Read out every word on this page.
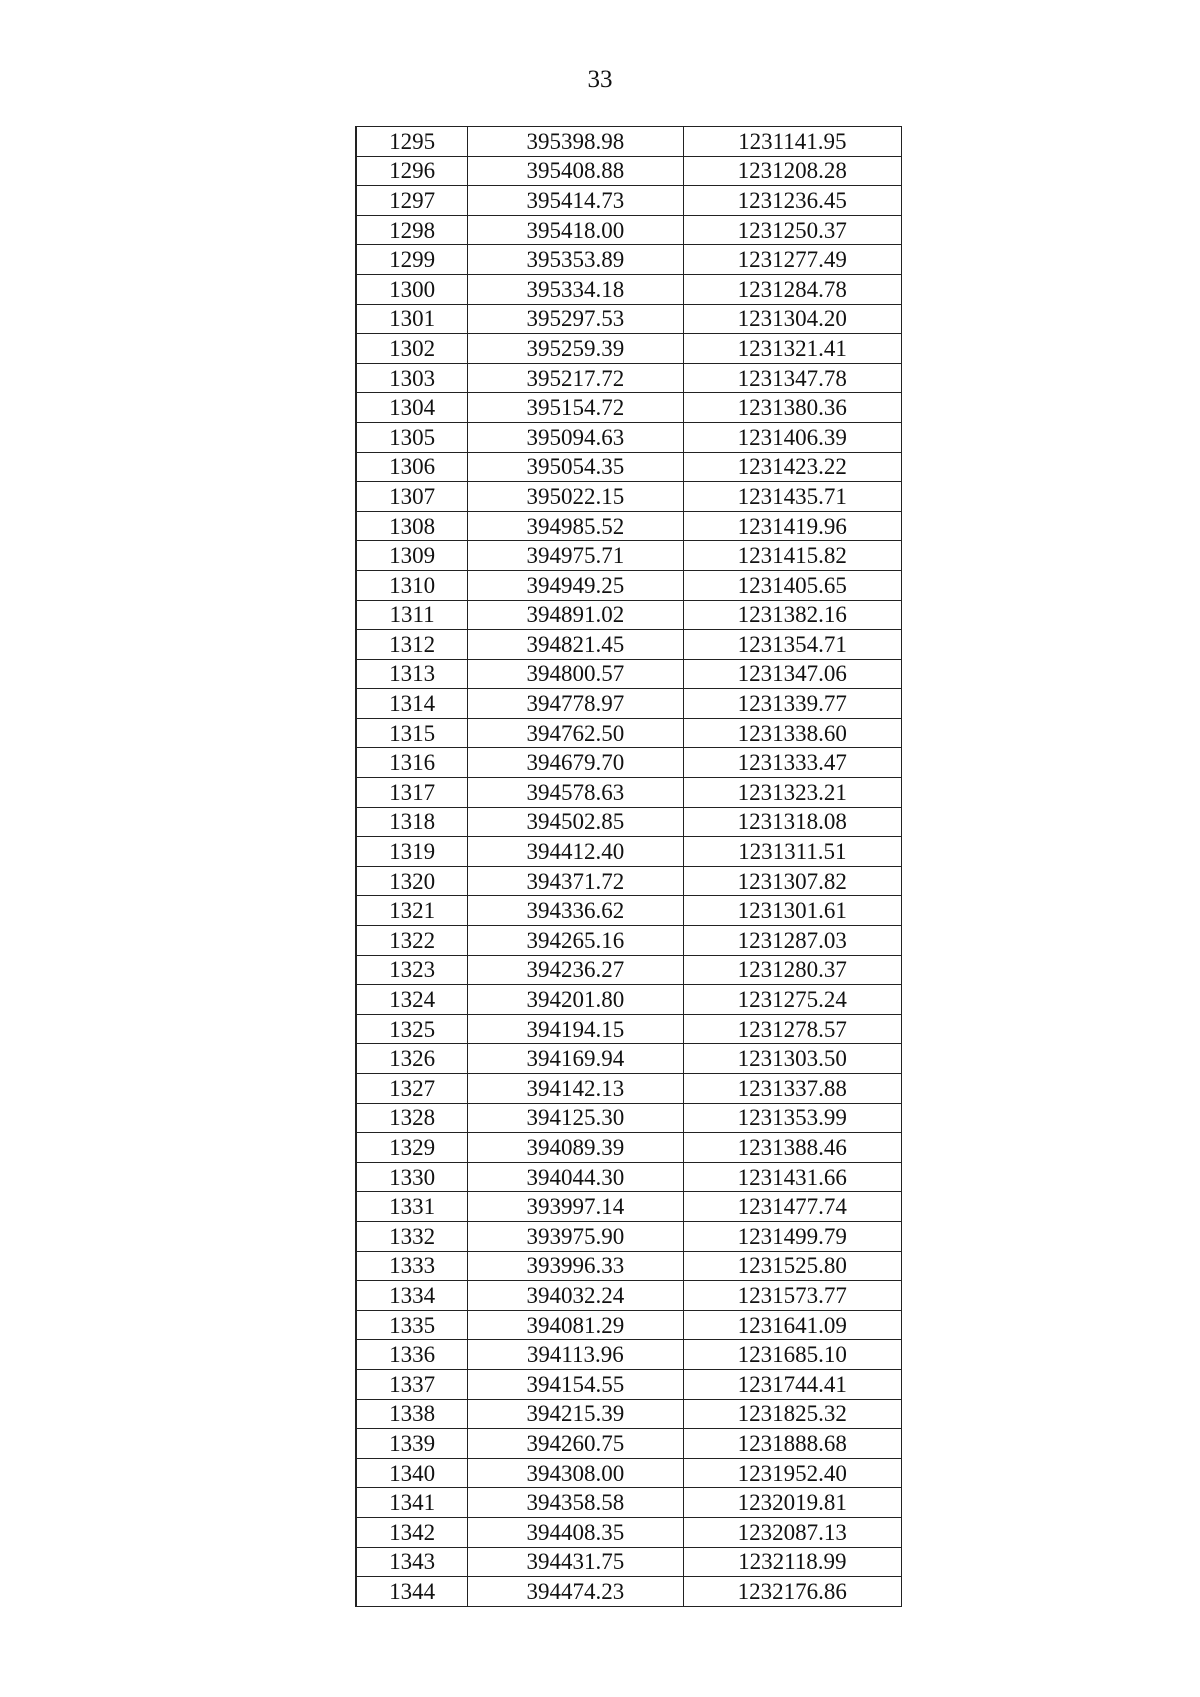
33
1295	395398.98	1231141.95
1296	395408.88	1231208.28
1297	395414.73	1231236.45
1298	395418.00	1231250.37
1299	395353.89	1231277.49
1300	395334.18	1231284.78
1301	395297.53	1231304.20
1302	395259.39	1231321.41
1303	395217.72	1231347.78
1304	395154.72	1231380.36
1305	395094.63	1231406.39
1306	395054.35	1231423.22
1307	395022.15	1231435.71
1308	394985.52	1231419.96
1309	394975.71	1231415.82
1310	394949.25	1231405.65
1311	394891.02	1231382.16
1312	394821.45	1231354.71
1313	394800.57	1231347.06
1314	394778.97	1231339.77
1315	394762.50	1231338.60
1316	394679.70	1231333.47
1317	394578.63	1231323.21
1318	394502.85	1231318.08
1319	394412.40	1231311.51
1320	394371.72	1231307.82
1321	394336.62	1231301.61
1322	394265.16	1231287.03
1323	394236.27	1231280.37
1324	394201.80	1231275.24
1325	394194.15	1231278.57
1326	394169.94	1231303.50
1327	394142.13	1231337.88
1328	394125.30	1231353.99
1329	394089.39	1231388.46
1330	394044.30	1231431.66
1331	393997.14	1231477.74
1332	393975.90	1231499.79
1333	393996.33	1231525.80
1334	394032.24	1231573.77
1335	394081.29	1231641.09
1336	394113.96	1231685.10
1337	394154.55	1231744.41
1338	394215.39	1231825.32
1339	394260.75	1231888.68
1340	394308.00	1231952.40
1341	394358.58	1232019.81
1342	394408.35	1232087.13
1343	394431.75	1232118.99
1344	394474.23	1232176.86
